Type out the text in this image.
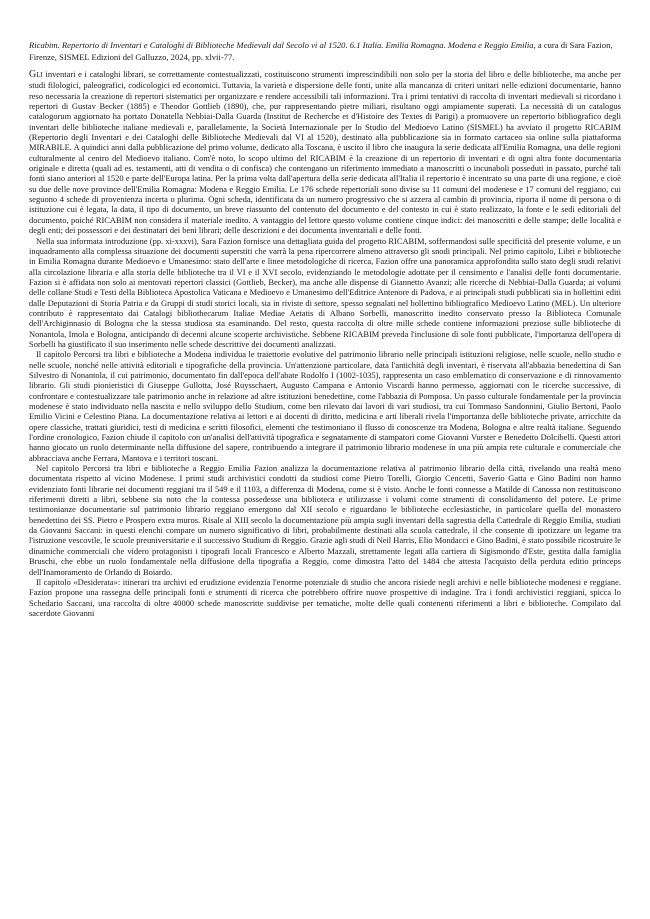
Ricabim. Repertorio di Inventari e Cataloghi di Biblioteche Medievali dal Secolo vi al 1520. 6.1 Italia. Emilia Romagna. Modena e Reggio Emilia, a cura di Sara Fazion, Firenze, SISMEL Edizioni del Galluzzo, 2024, pp. xlvii-77.

Gli inventari e i cataloghi librari, se correttamente contestualizzati, costituiscono strumenti imprescindibili non solo per la storia del libro e delle biblioteche, ma anche per studi filologici, paleografici, codicologici ed economici. Tuttavia, la varietà e dispersione delle fonti, unite alla mancanza di criteri unitari nelle edizioni documentarie, hanno reso necessaria la creazione di repertori sistematici per organizzare e rendere accessibili tali informazioni. Tra i primi tentativi di raccolta di inventari medievali si ricordano i repertori di Gustav Becker (1885) e Theodor Gottlieb (1890), che, pur rappresentando pietre miliari, risultano oggi ampiamente superati. La necessità di un catalogus catalogorum aggiornato ha portato Donatella Nebbiai-Dalla Guarda (Institut de Recherche et d'Histoire des Textes di Parigi) a promuovere un repertorio bibliografico degli inventari delle biblioteche italiane medievali e, parallelamente, la Società Internazionale per lo Studio del Medioevo Latino (SISMEL) ha avviato il progetto RICABIM (Repertorio degli Inventari e dei Cataloghi delle Biblioteche Medievali dal VI al 1520), destinato alla pubblicazione sia in formato cartaceo sia online sulla piattaforma MIRABILE. A quindici anni dalla pubblicazione del primo volume, dedicato alla Toscana, è uscito il libro che inaugura la serie dedicata all'Emilia Romagna, una delle regioni culturalmente al centro del Medioevo italiano. Com'è noto, lo scopo ultimo del RICABIM è la creazione di un repertorio di inventari e di ogni altra fonte documentaria originale e diretta (quali ad es. testamenti, atti di vendita o di confisca) che contengano un riferimento immediato a manoscritti o incunaboli posseduti in passato, purché tali fonti siano anteriori al 1520 e parte dell'Europa latina. Per la prima volta dall'apertura della serie dedicata all'Italia il repertorio è incentrato su una parte di una regione, e cioè su due delle nove province dell'Emilia Romagna: Modena e Reggio Emilia. Le 176 schede repertoriali sono divise su 11 comuni del modenese e 17 comuni del reggiano, cui seguono 4 schede di provenienza incerta o plurima. Ogni scheda, identificata da un numero progressivo che si azzera al cambio di provincia, riporta il nome di persona o di istituzione cui è legata, la data, il tipo di documento, un breve riassunto del contenuto del documento e del contesto in cui è stato realizzato, la fonte e le sedi editoriali del documento, poiché RICABIM non considera il materiale inedito. A vantaggio del lettore questo volume contiene cinque indici: dei manoscritti e delle stampe; delle località e degli enti; dei possessori e dei destinatari dei beni librari; delle descrizioni e dei documenta inventariali e delle fonti.

Nella sua informata introduzione (pp. xi-xxxvi), Sara Fazion fornisce una dettagliata guida del progetto RICABIM, soffermandosi sulle specificità del presente volume, e un inquadramento alla complessa situazione dei documenti superstiti che varrà la pena ripercorrere almeno attraverso gli snodi principali. Nel primo capitolo, Libri e biblioteche in Emilia Romagna durante Medioevo e Umanesimo: stato dell'arte e linee metodologiche di ricerca, Fazion offre una panoramica approfondita sullo stato degli studi relativi alla circolazione libraria e alla storia delle biblioteche tra il VI e il XVI secolo, evidenziando le metodologie adottate per il censimento e l'analisi delle fonti documentarie. Fazion si è affidata non solo ai mentovati repertori classici (Gottlieb, Becker), ma anche alle dispense di Giannetto Avanzi; alle ricerche di Nebbiai-Dalla Guarda; ai volumi delle collane Studi e Testi della Biblioteca Apostolica Vaticana e Medioevo e Umanesimo dell'Editrice Antenore di Padova, e ai principali studi pubblicati sia in bollettini editi dalle Deputazioni di Storia Patria e da Gruppi di studi storici locali, sia in riviste di settore, spesso segnalati nel bollettino bibliografico Medioevo Latino (MEL). Un ulteriore contributo è rappresentato dai Catalogi bibliothecarum Italiae Mediae Aetatis di Albano Sorbelli, manoscritto inedito conservato presso la Biblioteca Comunale dell'Archiginnasio di Bologna che la stessa studiosa sta esaminando. Del resto, questa raccolta di oltre mille schede contiene informazioni preziose sulle biblioteche di Nonantola, Imola e Bologna, anticipando di decenni alcune scoperte archivistiche. Sebbene RICABIM preveda l'inclusione di sole fonti pubblicate, l'importanza dell'opera di Sorbelli ha giustificato il suo inserimento nelle schede descrittive dei documenti analizzati.

Il capitolo Percorsi tra libri e biblioteche a Modena individua le traiettorie evolutive del patrimonio librario nelle principali istituzioni religiose, nelle scuole, nello studio e nelle scuole, nonché nelle attività editoriali e tipografiche della provincia. Un'attenzione particolare, data l'antichità degli inventari, è riservata all'abbazia benedettina di San Silvestro di Nonantola, il cui patrimonio, documentato fin dall'epoca dell'abate Rodolfo I (1002-1035), rappresenta un caso emblematico di conservazione e di rinnovamento librario. Gli studi pionieristici di Giuseppe Gullotta, José Ruysschaert, Augusto Campana e Antonio Viscardi hanno permesso, aggiornati con le ricerche successive, di confrontare e contestualizzare tale patrimonio anche in relazione ad altre istituzioni benedettine, come l'abbazia di Pomposa. Un passo culturale fondamentale per la provincia modenese è stato individuato nella nascita e nello sviluppo dello Studium, come ben rilevato dai lavori di vari studiosi, tra cui Tommaso Sandonnini, Giulio Bertoni, Paolo Emilio Vicini e Celestino Piana. La documentazione relativa ai lettori e ai docenti di diritto, medicina e arti liberali rivela l'importanza delle biblioteche private, arricchite da opere classiche, trattati giuridici, testi di medicina e scritti filosofici, elementi che testimoniano il flusso di conoscenze tra Modena, Bologna e altre realtà italiane. Seguendo l'ordine cronologico, Fazion chiude il capitolo con un'analisi dell'attività tipografica e segnatamente di stampatori come Giovanni Vurster e Benedetto Dolcibelli. Questi attori hanno giocato un ruolo determinante nella diffusione del sapere, contribuendo a integrare il patrimonio librario modenese in una più ampia rete culturale e commerciale che abbracciava anche Ferrara, Mantova e i territori toscani.

Nel capitolo Percorsi tra libri e biblioteche a Reggio Emilia Fazion analizza la documentazione relativa al patrimonio librario della città, rivelando una realtà meno documentata rispetto al vicino Modenese. I primi studi archivistici condotti da studiosi come Pietro Torelli, Giorgio Cencetti, Saverio Gatta e Gino Badini non hanno evidenziato fonti librarie nei documenti reggiani tra il 549 e il 1103, a differenza di Modena, come si è visto. Anche le fonti connesse a Matilde di Canossa non restituiscono riferimenti diretti a libri, sebbene sia noto che la contessa possedesse una biblioteca e utilizzasse i volumi come strumenti di consolidamento del potere. Le prime testimonianze documentarie sul patrimonio librario reggiano emergono dal XII secolo e riguardano le biblioteche ecclesiastiche, in particolare quella del monastero benedettino dei SS. Pietro e Prospero extra muros. Risale al XIII secolo la documentazione più ampia sugli inventari della sagrestia della Cattedrale di Reggio Emilia, studiati da Giovanni Saccani: in questi elenchi compare un numero significativo di libri, probabilmente destinati alla scuola cattedrale, il che consente di ipotizzare un legame tra l'istruzione vescovile, le scuole preuniversitarie e il successivo Studium di Reggio. Grazie agli studi di Neil Harris, Elio Mondacci e Gino Badini, è stato possibile ricostruire le dinamiche commerciali che videro protagonisti i tipografi locali Francesco e Alberto Mazzali, strettamente legati alla cartiera di Sigismondo d'Este, gestita dalla famiglia Bruschi, che ebbe un ruolo fondamentale nella diffusione della tipografia a Reggio, come dimostra l'atto del 1484 che attesta l'acquisto della perduta editio princeps dell'Inamoramento de Orlando di Boiardo.

Il capitolo «Desiderata»: itinerari tra archivi ed erudizione evidenzia l'enorme potenziale di studio che ancora risiede negli archivi e nelle biblioteche modenesi e reggiane. Fazion propone una rassegna delle principali fonti e strumenti di ricerca che potrebbero offrire nuove prospettive di indagine. Tra i fondi archivistici reggiani, spicca lo Schedario Saccani, una raccolta di oltre 40000 schede manoscritte suddivise per tematiche, molte delle quali contenenti riferimenti a libri e biblioteche. Compilato dal sacerdote Giovanni
